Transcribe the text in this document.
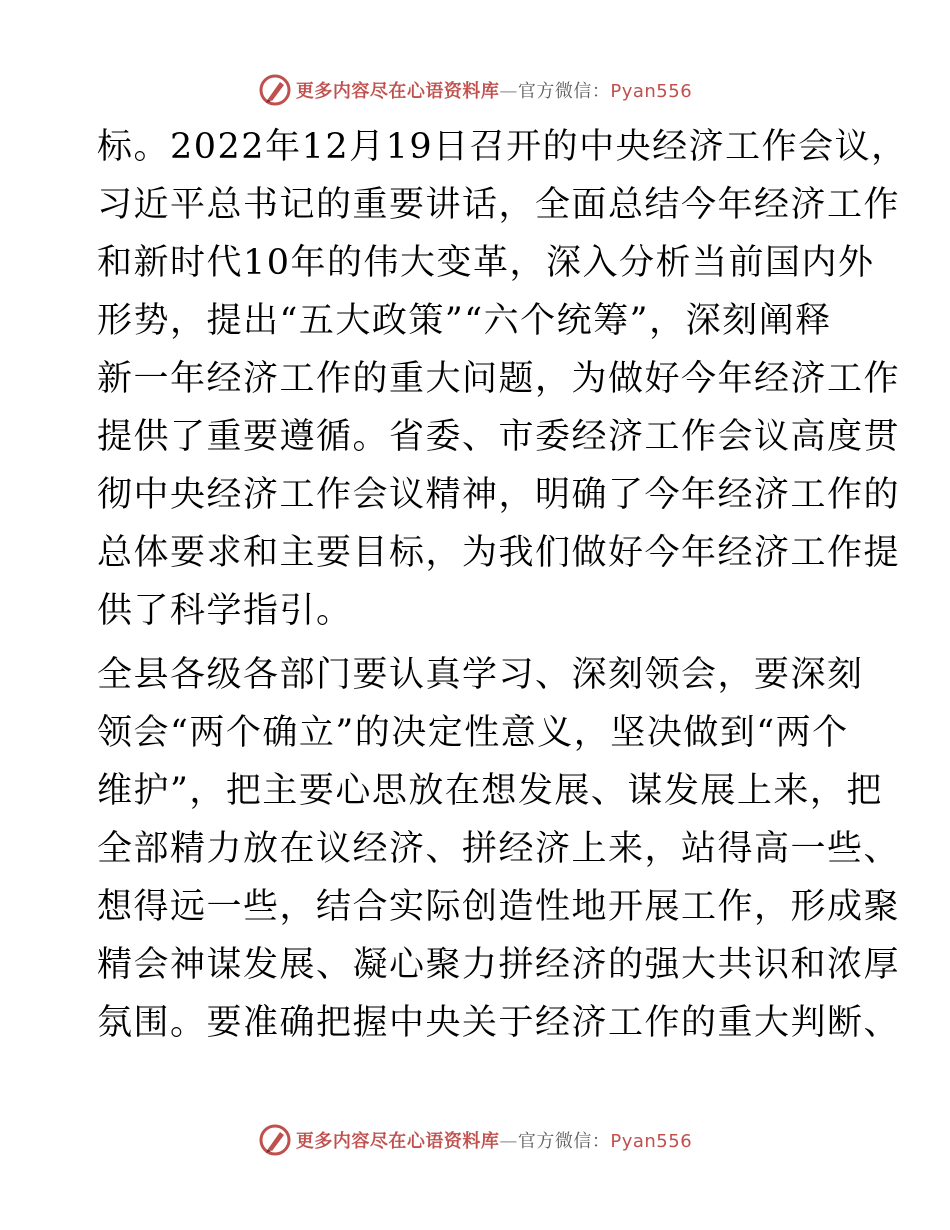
更多内容尽在心语资料库—官方微信：Pyan556
标。2022年12月19日召开的中央经济工作会议，
习近平总书记的重要讲话，全面总结今年经济工作
和新时代10年的伟大变革，深入分析当前国内外
形势，提出“五大政策”“六个统筹”，深刻阐释
新一年经济工作的重大问题，为做好今年经济工作
提供了重要遵循。省委、市委经济工作会议高度贯
彻中央经济工作会议精神，明确了今年经济工作的
总体要求和主要目标，为我们做好今年经济工作提
供了科学指引。
全县各级各部门要认真学习、深刻领会，要深刻
领会“两个确立”的决定性意义，坚决做到“两个
维护”，把主要心思放在想发展、谋发展上来，把
全部精力放在议经济、拼经济上来，站得高一些、
想得远一些，结合实际创造性地开展工作，形成聚
精会神谋发展、凝心聚力拼经济的强大共识和浓厚
氛围。要准确把握中央关于经济工作的重大判断、
更多内容尽在心语资料库—官方微信：Pyan556
